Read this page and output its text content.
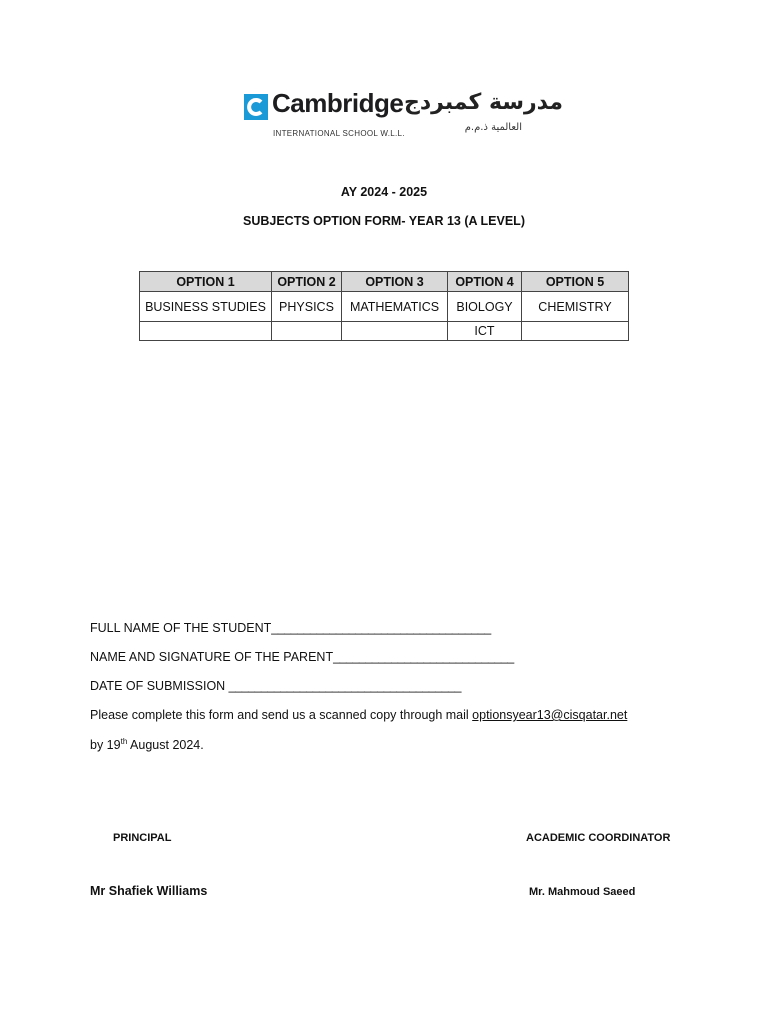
Cambridge
INTERNATIONAL SCHOOL W.L.L.
مدرسة كمبردج
العالمية ذ.م.م
AY 2024 - 2025
SUBJECTS OPTION FORM- YEAR 13 (A LEVEL)
OPTION 1	OPTION 2	OPTION 3	OPTION 4	OPTION 5
BUSINESS STUDIES	PHYSICS	MATHEMATICS	BIOLOGY	CHEMISTRY
			ICT	
FULL NAME OF THE STUDENT__________________________________
NAME AND SIGNATURE OF THE PARENT____________________________
DATE OF SUBMISSION ____________________________________
Please complete this form and send us a scanned copy through mail optionsyear13@cisqatar.net
by 19th August 2024.
PRINCIPAL	ACADEMIC COORDINATOR
Mr Shafiek Williams	Mr. Mahmoud Saeed
